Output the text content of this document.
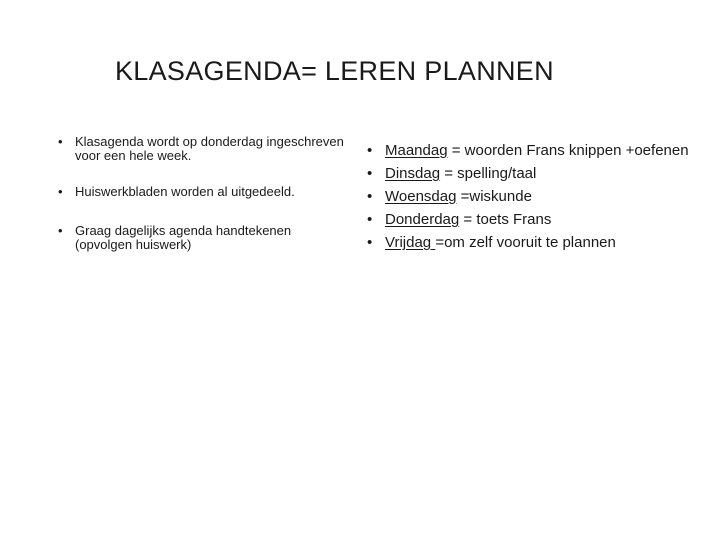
KLASAGENDA= LEREN PLANNEN
• Klasagenda wordt op donderdag ingeschreven voor een hele week.
• Huiswerkbladen worden al uitgedeeld.
• Graag dagelijks agenda handtekenen (opvolgen huiswerk)
• Maandag = woorden Frans knippen +oefenen
• Dinsdag = spelling/taal
• Woensdag =wiskunde
• Donderdag = toets Frans
• Vrijdag =om zelf vooruit te plannen
